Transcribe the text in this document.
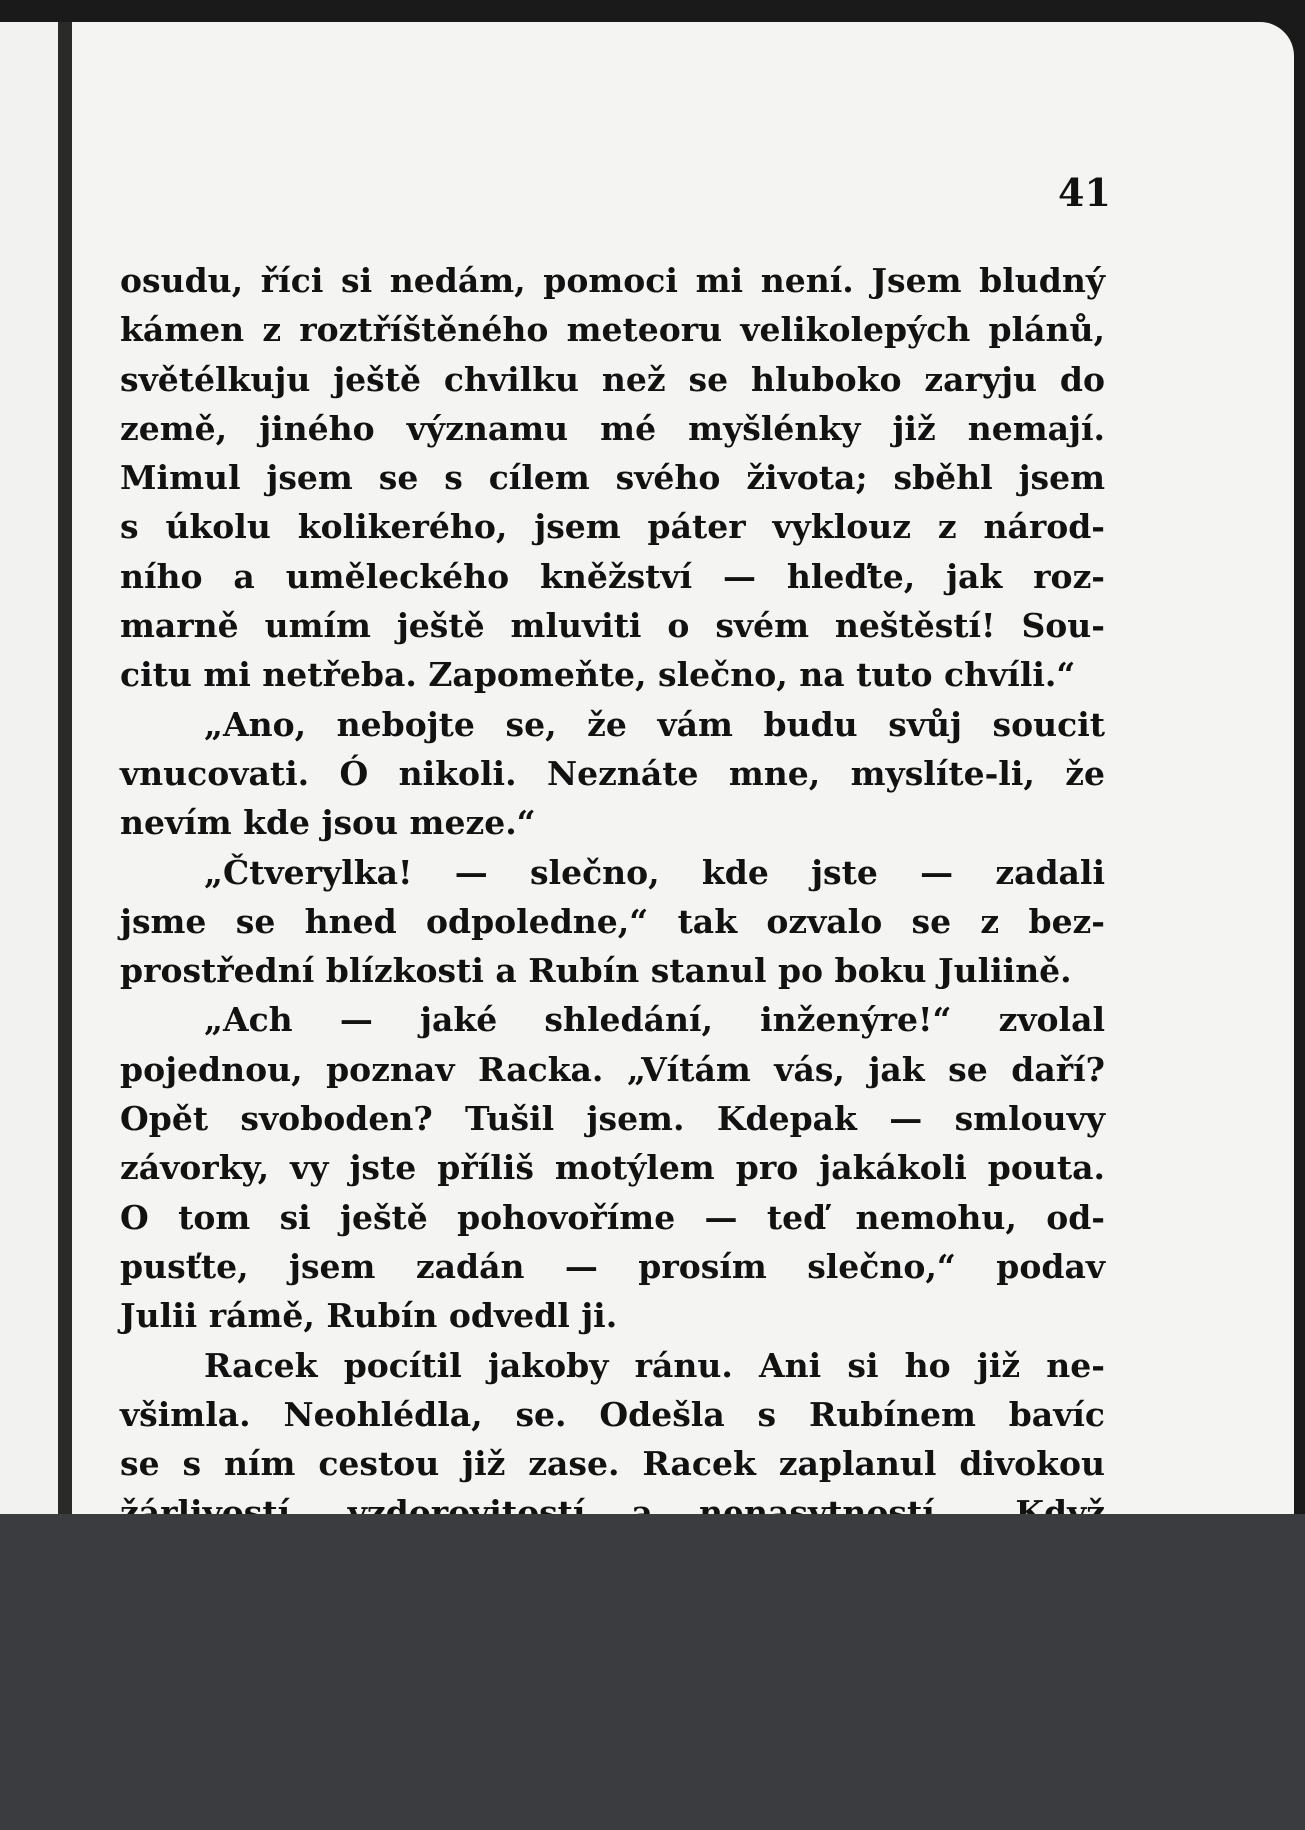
41
osudu, říci si nedám, pomoci mi není. Jsem bludný
kámen z roztříštěného meteoru velikolepých plánů,
světélkuju ještě chvilku než se hluboko zaryju do
země, jiného významu mé myšlénky již nemají.
Mimul jsem se s cílem svého života; sběhl jsem
s úkolu kolikerého, jsem páter vyklouz z národ-
ního a uměleckého kněžství — hleďte, jak roz-
marně umím ještě mluviti o svém neštěstí! Sou-
citu mi netřeba. Zapomeňte, slečno, na tuto chvíli.“
„Ano, nebojte se, že vám budu svůj soucit
vnucovati. Ó nikoli. Neznáte mne, myslíte-li, že
nevím kde jsou meze.“
„Čtverylka! — slečno, kde jste — zadali
jsme se hned odpoledne,“ tak ozvalo se z bez-
prostřední blízkosti a Rubín stanul po boku Juliině.
„Ach — jaké shledání, inženýre!“ zvolal
pojednou, poznav Racka. „Vítám vás, jak se daří?
Opět svoboden? Tušil jsem. Kdepak — smlouvy
závorky, vy jste příliš motýlem pro jakákoli pouta.
O tom si ještě pohovoříme — teď nemohu, od-
pusťte, jsem zadán — prosím slečno,“ podav
Julii rámě, Rubín odvedl ji.
Racek pocítil jakoby ránu. Ani si ho již ne-
všimla. Neohlédla, se. Odešla s Rubínem bavíc
se s ním cestou již zase. Racek zaplanul divokou
